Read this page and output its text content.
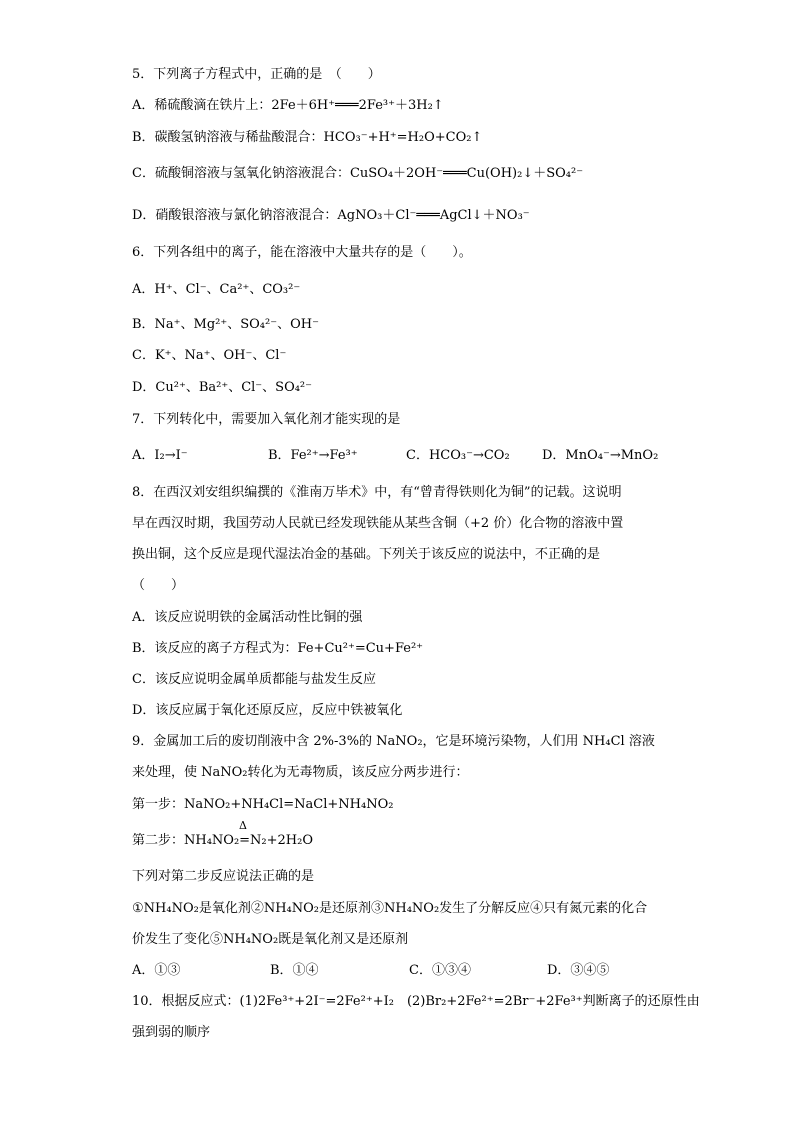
5．下列离子方程式中，正确的是　（　　）
A．稀硫酸滴在铁片上：2Fe＋6H⁺═══2Fe³⁺＋3H₂↑
B．碳酸氢钠溶液与稀盐酸混合：HCO₃⁻+H⁺=H₂O+CO₂↑
C．硫酸铜溶液与氢氧化钠溶液混合：CuSO₄＋2OH⁻═══Cu(OH)₂↓＋SO₄²⁻
D．硝酸银溶液与氯化钠溶液混合：AgNO₃＋Cl⁻═══AgCl↓＋NO₃⁻
6．下列各组中的离子，能在溶液中大量共存的是（　　）。
A．H⁺、Cl⁻、Ca²⁺、CO₃²⁻
B．Na⁺、Mg²⁺、SO₄²⁻、OH⁻
C．K⁺、Na⁺、OH⁻、Cl⁻
D．Cu²⁺、Ba²⁺、Cl⁻、SO₄²⁻
7．下列转化中，需要加入氧化剂才能实现的是
A．I₂→I⁻	B．Fe²⁺→Fe³⁺	C．HCO₃⁻→CO₂ D．MnO₄⁻→MnO₂
8．在西汉刘安组织编撰的《淮南万毕术》中，有“曾青得铁则化为铜”的记载。这说明
早在西汉时期，我国劳动人民就已经发现铁能从某些含铜（+2 价）化合物的溶液中置
换出铜，这个反应是现代湿法冶金的基础。下列关于该反应的说法中，不正确的是
（　　）
A．该反应说明铁的金属活动性比铜的强
B．该反应的离子方程式为：Fe+Cu²⁺=Cu+Fe²⁺
C．该反应说明金属单质都能与盐发生反应
D．该反应属于氧化还原反应，反应中铁被氧化
9．金属加工后的废切削液中含 2%-3%的 NaNO₂，它是环境污染物，人们用 NH₄Cl 溶液
来处理，使 NaNO₂转化为无毒物质，该反应分两步进行：
第一步：NaNO₂+NH₄Cl=NaCl+NH₄NO₂
Δ
第二步：NH₄NO₂=N₂+2H₂O
下列对第二步反应说法正确的是
①NH₄NO₂是氧化剂②NH₄NO₂是还原剂③NH₄NO₂发生了分解反应④只有氮元素的化合
价发生了变化⑤NH₄NO₂既是氧化剂又是还原剂
A．①③	B．①④	C．①③④	D．③④⑤
10．根据反应式：(1)2Fe³⁺+2I⁻=2Fe²⁺+I₂　(2)Br₂+2Fe²⁺=2Br⁻+2Fe³⁺判断离子的还原性由
强到弱的顺序
